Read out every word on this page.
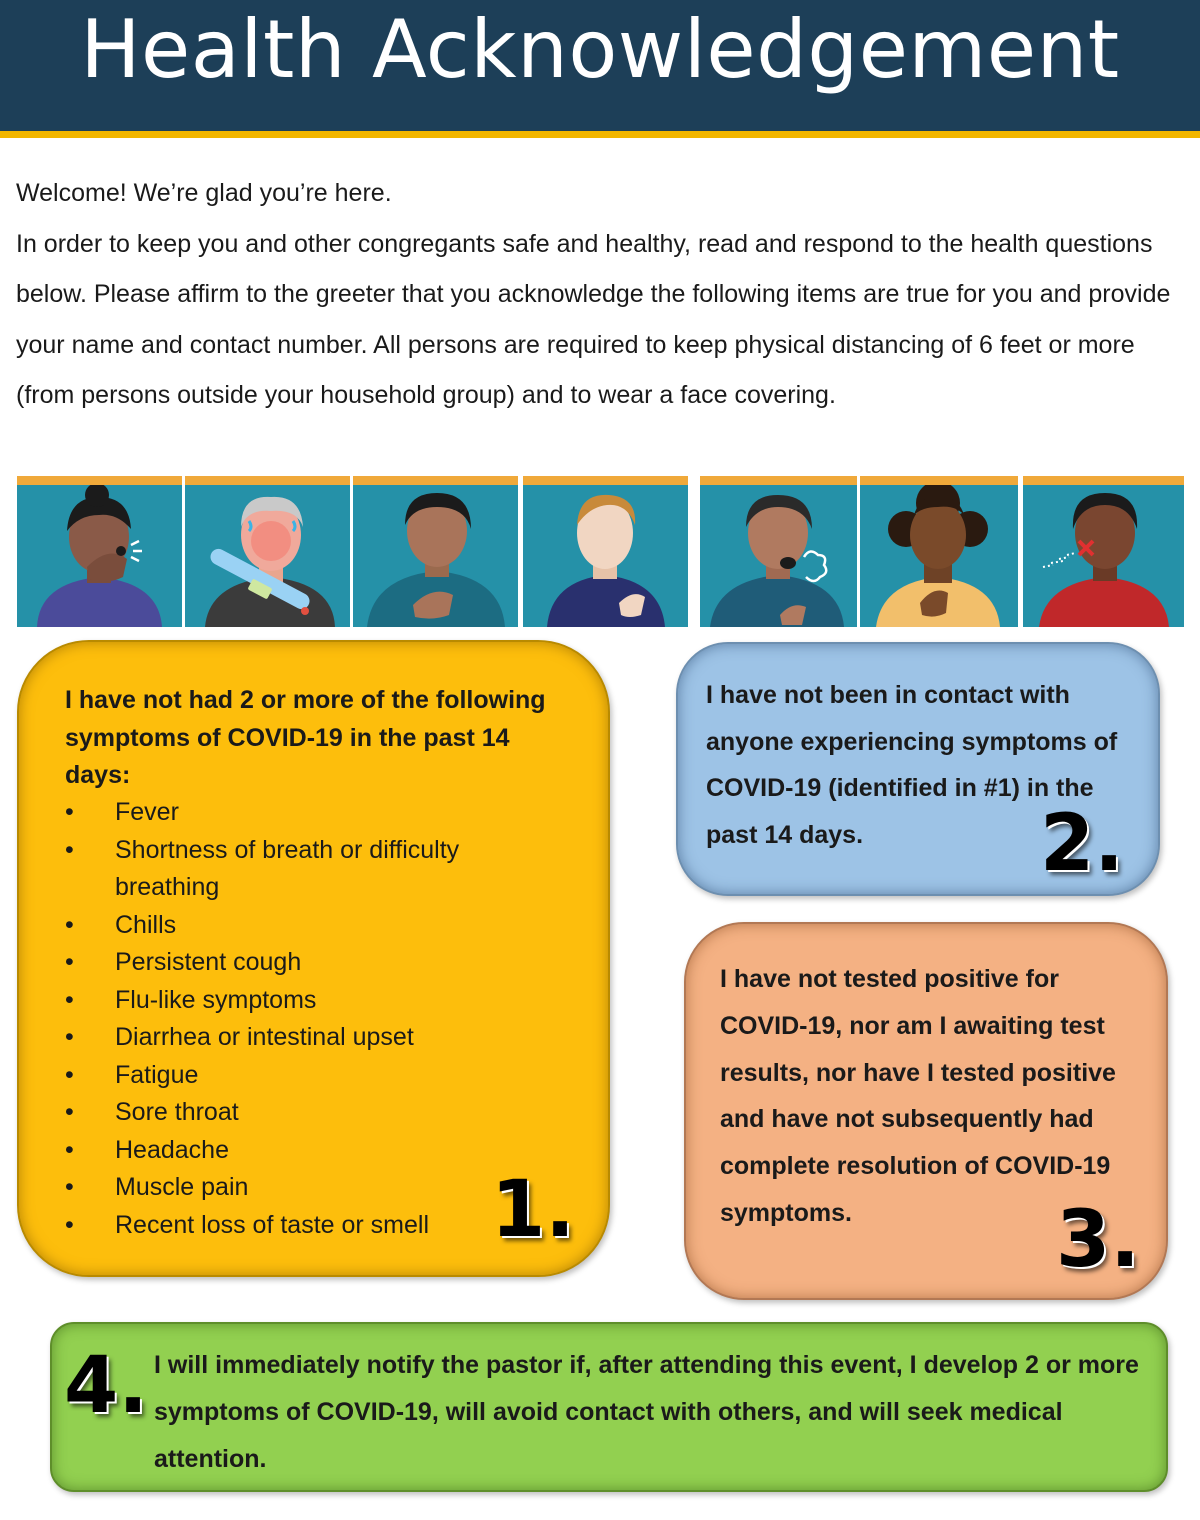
Health Acknowledgement

Welcome! We’re glad you’re here.

In order to keep you and other congregants safe and healthy, read and respond to the health questions below. Please affirm to the greeter that you acknowledge the following items are true for you and provide your name and contact number. All persons are required to keep physical distancing of 6 feet or more (from persons outside your household group) and to wear a face covering.

I have not had 2 or more of the following symptoms of COVID-19 in the past 14 days:
• Fever
• Shortness of breath or difficulty breathing
• Chills
• Persistent cough
• Flu-like symptoms
• Diarrhea or intestinal upset
• Fatigue
• Sore throat
• Headache
• Muscle pain
• Recent loss of taste or smell 1.
I have not been in contact with anyone experiencing symptoms of COVID-19 (identified in #1) in the past 14 days.	2.
I have not tested positive for COVID-19, nor am I awaiting test results, nor have I tested positive and have not subsequently had complete resolution of COVID-19 symptoms.	3.
4. I will immediately notify the pastor if, after attending this event, I develop 2 or more symptoms of COVID-19, will avoid contact with others, and will seek medical attention.
